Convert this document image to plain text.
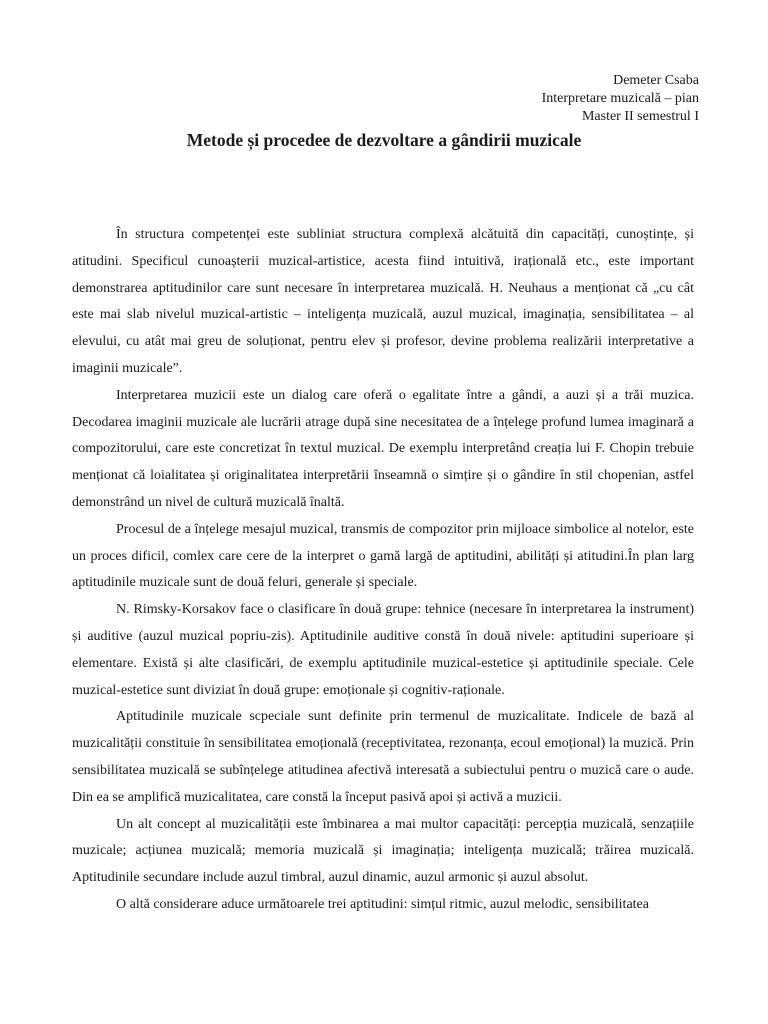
Demeter Csaba
Interpretare muzicală – pian
Master II semestrul I
Metode și procedee de dezvoltare a gândirii muzicale

În structura competenței este subliniat structura complexă alcătuită din capacități, cunoștințe, și atitudini. Specificul cunoașterii muzical-artistice, acesta fiind intuitivă, irațională etc., este important demonstrarea aptitudinilor care sunt necesare în interpretarea muzicală. H. Neuhaus a menționat că „cu cât este mai slab nivelul muzical-artistic – inteligența muzicală, auzul muzical, imaginația, sensibilitatea – al elevului, cu atât mai greu de soluționat, pentru elev și profesor, devine problema realizării interpretative a imaginii muzicale”.

Interpretarea muzicii este un dialog care oferă o egalitate între a gândi, a auzi și a trăi muzica. Decodarea imaginii muzicale ale lucrării atrage după sine necesitatea de a înțelege profund lumea imaginară a compozitorului, care este concretizat în textul muzical. De exemplu interpretând creația lui F. Chopin trebuie menționat că loialitatea și originalitatea interpretării înseamnă o simțire și o gândire în stil chopenian, astfel demonstrând un nivel de cultură muzicală înaltă.

Procesul de a înțelege mesajul muzical, transmis de compozitor prin mijloace simbolice al notelor, este un proces dificil, comlex care cere de la interpret o gamă largă de aptitudini, abilități și atitudini.În plan larg aptitudinile muzicale sunt de două feluri, generale și speciale.

N. Rimsky-Korsakov face o clasificare în două grupe: tehnice (necesare în interpretarea la instrument) și auditive (auzul muzical popriu-zis). Aptitudinile auditive constă în două nivele: aptitudini superioare și elementare. Există și alte clasificări, de exemplu aptitudinile muzical-estetice și aptitudinile speciale. Cele muzical-estetice sunt diviziat în două grupe: emoționale și cognitiv-raționale.

Aptitudinile muzicale scpeciale sunt definite prin termenul de muzicalitate. Indicele de bază al muzicalității constituie în sensibilitatea emoțională (receptivitatea, rezonanța, ecoul emoțional) la muzică. Prin sensibilitatea muzicală se subînțelege atitudinea afectivă interesată a subiectului pentru o muzică care o aude. Din ea se amplifică muzicalitatea, care constă la început pasivă apoi și activă a muzicii.

Un alt concept al muzicalității este îmbinarea a mai multor capacități: percepția muzicală, senzațiile muzicale; acțiunea muzicală; memoria muzicală și imaginația; inteligența muzicală; trăirea muzicală. Aptitudinile secundare include auzul timbral, auzul dinamic, auzul armonic și auzul absolut.

O altă considerare aduce următoarele trei aptitudini: simțul ritmic, auzul melodic, sensibilitatea
